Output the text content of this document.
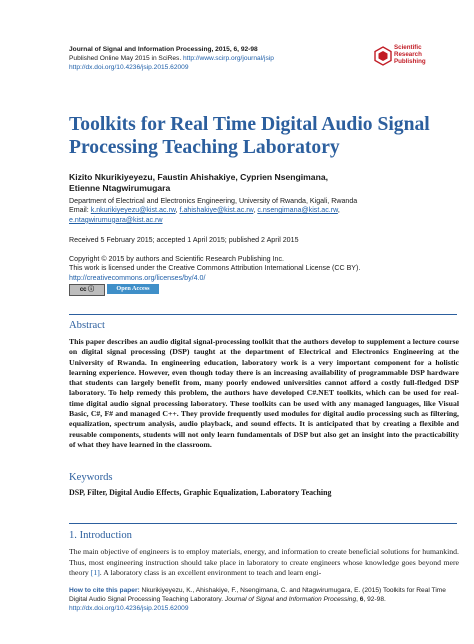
Journal of Signal and Information Processing, 2015, 6, 92-98
Published Online May 2015 in SciRes. http://www.scirp.org/journal/jsip
http://dx.doi.org/10.4236/jsip.2015.62009
Scientific
Research
Publishing
Toolkits for Real Time Digital Audio Signal
Processing Teaching Laboratory
Kizito Nkurikiyeyezu, Faustin Ahishakiye, Cyprien Nsengimana,
Etienne Ntagwirumugara
Department of Electrical and Electronics Engineering, University of Rwanda, Kigali, Rwanda
Email: k.nkurikiyeyezu@kist.ac.rw, f.ahishakiye@kist.ac.rw, c.nsengimana@kist.ac.rw,
e.ntagwirumugara@kist.ac.rw
Received 5 February 2015; accepted 1 April 2015; published 2 April 2015
Copyright © 2015 by authors and Scientific Research Publishing Inc.
This work is licensed under the Creative Commons Attribution International License (CC BY).
http://creativecommons.org/licenses/by/4.0/
cc ⓘ	Open Access
Abstract

This paper describes an audio digital signal-processing toolkit that the authors develop to supplement a lecture course on digital signal processing (DSP) taught at the department of Electrical and Electronics Engineering at the University of Rwanda. In engineering education, laboratory work is a very important component for a holistic learning experience. However, even though today there is an increasing availability of programmable DSP hardware that students can largely benefit from, many poorly endowed universities cannot afford a costly full-fledged DSP laboratory. To help remedy this problem, the authors have developed C#.NET toolkits, which can be used for real-time digital audio signal processing laboratory. These toolkits can be used with any managed languages, like Visual Basic, C#, F# and managed C++. They provide frequently used modules for digital audio processing such as filtering, equalization, spectrum analysis, audio playback, and sound effects. It is anticipated that by creating a flexible and reusable components, students will not only learn fundamentals of DSP but also get an insight into the practicability of what they have learned in the classroom.

Keywords
DSP, Filter, Digital Audio Effects, Graphic Equalization, Laboratory Teaching
1. Introduction

The main objective of engineers is to employ materials, energy, and information to create beneficial solutions for humankind. Thus, most engineering instruction should take place in laboratory to create engineers whose knowledge goes beyond mere theory [1]. A laboratory class is an excellent environment to teach and learn engi-

How to cite this paper: Nkurikiyeyezu, K., Ahishakiye, F., Nsengimana, C. and Ntagwirumugara, E. (2015) Toolkits for Real Time Digital Audio Signal Processing Teaching Laboratory. Journal of Signal and Information Processing, 6, 92-98.
http://dx.doi.org/10.4236/jsip.2015.62009
